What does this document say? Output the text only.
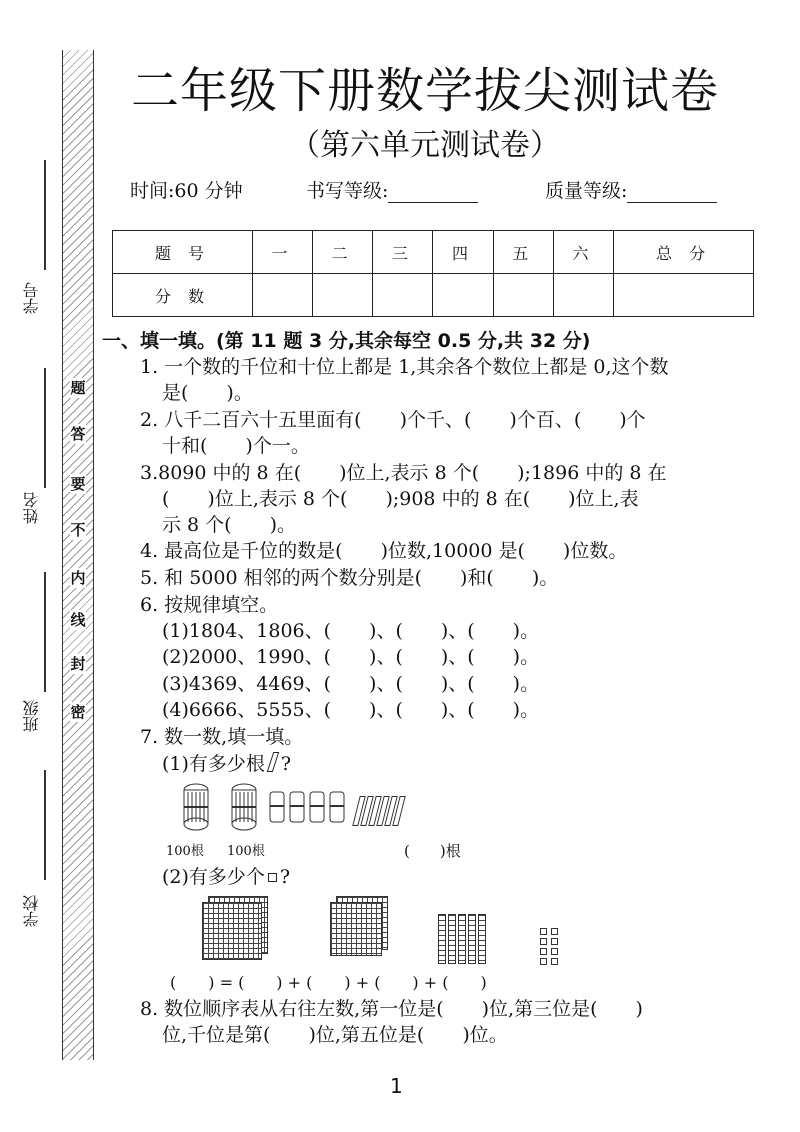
学号
姓名
班级
学校
密
封
线
内
不
要
答
题
二年级下册数学拔尖测试卷
（第六单元测试卷）
时间:60 分钟	书写等级:	质量等级:
题 号	一	二	三	四	五	六	总 分
分 数							
一、填一填。(第 11 题 3 分,其余每空 0.5 分,共 32 分)
1. 一个数的千位和十位上都是 1,其余各个数位上都是 0,这个数
是(　　)。
2. 八千二百六十五里面有(　　)个千、(　　)个百、(　　)个
十和(　　)个一。
3.8090 中的 8 在(　　)位上,表示 8 个(　　);1896 中的 8 在
(　　)位上,表示 8 个(　　);908 中的 8 在(　　)位上,表
示 8 个(　　)。
4. 最高位是千位的数是(　　)位数,10000 是(　　)位数。
5. 和 5000 相邻的两个数分别是(　　)和(　　)。
6. 按规律填空。
(1)1804、1806、(　　)、(　　)、(　　)。
(2)2000、1990、(　　)、(　　)、(　　)。
(3)4369、4469、(　　)、(　　)、(　　)。
(4)6666、5555、(　　)、(　　)、(　　)。
7. 数一数,填一填。
(1)有多少根 ?
100根 100根	(　　)根
(2)有多少个 ?
(　　) = (　　) + (　　) + (　　) + (　　)
8. 数位顺序表从右往左数,第一位是(　　)位,第三位是(　　)
位,千位是第(　　)位,第五位是(　　)位。
1
